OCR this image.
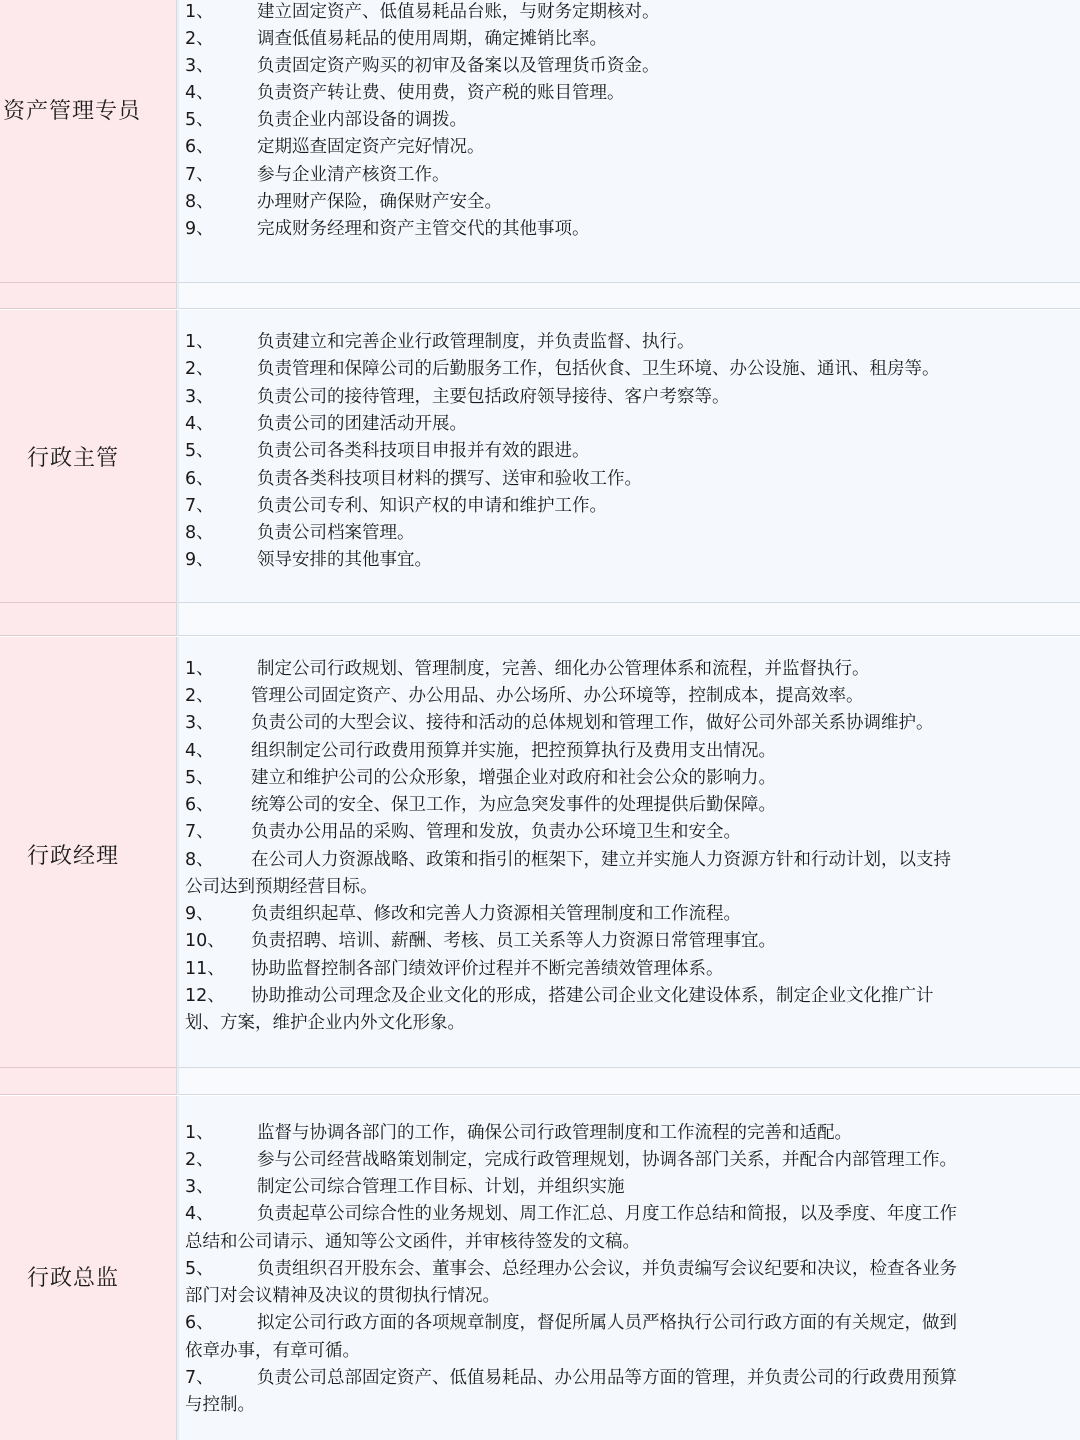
资产管理专员
行政主管
行政经理
行政总监
1、 建立固定资产、低值易耗品台账，与财务定期核对。
2、 调查低值易耗品的使用周期，确定摊销比率。
3、 负责固定资产购买的初审及备案以及管理货币资金。
4、 负责资产转让费、使用费，资产税的账目管理。
5、 负责企业内部设备的调拨。
6、 定期巡查固定资产完好情况。
7、 参与企业清产核资工作。
8、 办理财产保险，确保财产安全。
9、 完成财务经理和资产主管交代的其他事项。
1、 负责建立和完善企业行政管理制度，并负责监督、执行。
2、 负责管理和保障公司的后勤服务工作，包括伙食、卫生环境、办公设施、通讯、租房等。
3、 负责公司的接待管理，主要包括政府领导接待、客户考察等。
4、 负责公司的团建活动开展。
5、 负责公司各类科技项目申报并有效的跟进。
6、 负责各类科技项目材料的撰写、送审和验收工作。
7、 负责公司专利、知识产权的申请和维护工作。
8、 负责公司档案管理。
9、 领导安排的其他事宜。
1、 制定公司行政规划、管理制度，完善、细化办公管理体系和流程，并监督执行。
2、 管理公司固定资产、办公用品、办公场所、办公环境等，控制成本，提高效率。
3、 负责公司的大型会议、接待和活动的总体规划和管理工作，做好公司外部关系协调维护。
4、 组织制定公司行政费用预算并实施，把控预算执行及费用支出情况。
5、 建立和维护公司的公众形象，增强企业对政府和社会公众的影响力。
6、 统筹公司的安全、保卫工作，为应急突发事件的处理提供后勤保障。
7、 负责办公用品的采购、管理和发放，负责办公环境卫生和安全。
8、 在公司人力资源战略、政策和指引的框架下，建立并实施人力资源方针和行动计划，以支持
公司达到预期经营目标。
9、 负责组织起草、修改和完善人力资源相关管理制度和工作流程。
10、 负责招聘、培训、薪酬、考核、员工关系等人力资源日常管理事宜。
11、 协助监督控制各部门绩效评价过程并不断完善绩效管理体系。
12、 协助推动公司理念及企业文化的形成，搭建公司企业文化建设体系，制定企业文化推广计
划、方案，维护企业内外文化形象。
1、 监督与协调各部门的工作，确保公司行政管理制度和工作流程的完善和适配。
2、 参与公司经营战略策划制定，完成行政管理规划，协调各部门关系，并配合内部管理工作。
3、 制定公司综合管理工作目标、计划，并组织实施
4、 负责起草公司综合性的业务规划、周工作汇总、月度工作总结和简报，以及季度、年度工作
总结和公司请示、通知等公文函件，并审核待签发的文稿。
5、 负责组织召开股东会、董事会、总经理办公会议，并负责编写会议纪要和决议，检查各业务
部门对会议精神及决议的贯彻执行情况。
6、 拟定公司行政方面的各项规章制度，督促所属人员严格执行公司行政方面的有关规定，做到
依章办事，有章可循。
7、 负责公司总部固定资产、低值易耗品、办公用品等方面的管理，并负责公司的行政费用预算
与控制。
